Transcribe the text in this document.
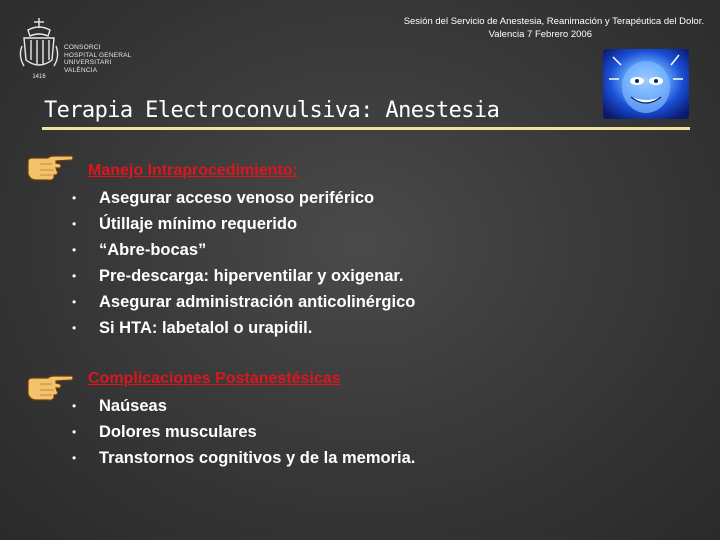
1416
CONSORCI
HOSPITAL GENERAL
UNIVERSITARI
VALÈNCIA
Sesión del Servicio de Anestesia, Reanimación y Terapéutica del Dolor.
Valencia 7 Febrero 2006
Terapia Electroconvulsiva: Anestesia
Manejo Intraprocedimiento:
• Asegurar acceso venoso periférico
• Útillaje mínimo requerido
• “Abre-bocas”
• Pre-descarga: hiperventilar y oxigenar.
• Asegurar administración anticolinérgico
• Si HTA: labetalol o urapidil.
Complicaciones Postanestésicas
• Naúseas
• Dolores musculares
• Transtornos cognitivos y de la memoria.
